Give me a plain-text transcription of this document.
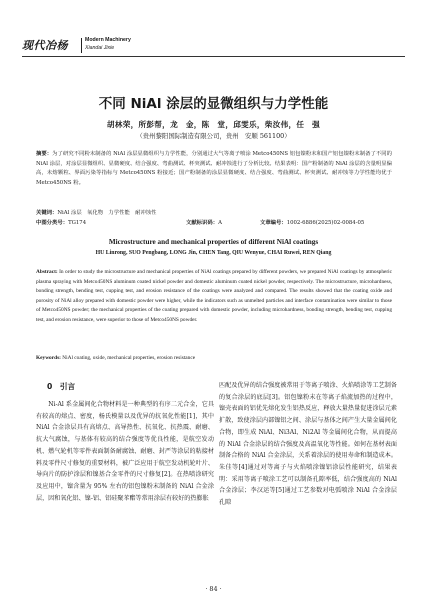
现代冶杨	Modern Machinery
Xiandai Jixie
不同 NiAl 涂层的显微组织与力学性能
胡林荣，所彭帮，龙　金，陈　堂，邱雯乐，柴汝伟，任　强
（贵州黎阳国际制造有限公司，贵州　安顺 561100）
摘要：为了研究不同粉末制备的 NiAl 涂层显微组织与力学性能，分别通过大气等离子喷涂 Metco450NS 铝包镍粉末和国产铝包镍粉末制备了不同的 NiAl 涂层，对涂层显微组织、显微硬度、结合强度、弯曲测试、杯突测试、耐冲蚀进行了分析比较。结果表明：国产粉制备的 NiAl 涂层的含量明显偏高，未熔颗粒、界面污染等指标与 Metco450NS 粉接近；国产粉制备的涂层显微硬度、结合强度、弯曲测试、杯突测试、耐冲蚀等力学性能均优于 Metco450NS 粉。
关键词：NiAl 涂层　氧化物　力学性能　耐冲蚀性
中图分类号：TG174	文献标识码：A	文章编号：1002-6886(2025)02-0084-05
Microstructure and mechanical properties of different NiAl coatings
HU Linrong, SUO Pengbang, LONG Jin, CHEN Tang, QIU Wenyue, CHAI Ruwei, REN Qiang
Abstract: In order to study the microstructure and mechanical properties of NiAl coatings prepared by different powders, we prepared NiAl coatings by atmospheric plasma spraying with Metco450NS aluminum coated nickel powder and domestic aluminum coated nickel powder, respectively. The microstructure, microhardness, bonding strength, bending test, cupping test, and erosion resistance of the coatings were analyzed and compared. The results showed that the coating oxide and porosity of NiAl alloy prepared with domestic powder were higher, while the indicators such as unmelted particles and interface contamination were similar to those of Metco450NS powder; the mechanical properties of the coating prepared with domestic powder, including microhardness, bonding strength, bending test, cupping test, and erosion resistance, were superior to those of Metco450NS powder.
Keywords: NiAl coating, oxide, mechanical properties, erosion resistance
0　引言

Ni-Al 系金属间化合物材料是一种典型的有序二元合金，它具有较高的熔点、密度，杨氏模量以及优异的抗氧化性能[1]，其中 NiAl 合金涂层具有高熔点、高导热性、抗氧化、抗热震、耐磨、抗大气腐蚀，与基体有较高的结合强度等优良性能，是航空发动机、燃气轮机等零件表面制备耐腐蚀、耐磨、封严等涂层的粘接材料及零件尺寸修复的重要材料，被广泛应用于航空发动机轮叶片、导向片的防护涂层和镍基合金零件的尺寸修复[2]。在热喷涂研究及应用中，镍含量为 95% 左右的铝包镍粉末制备的 NiAl 合金涂层，因和氧化铝、镍-铝、铝硅聚苯酯等常用涂层有较好的热膨胀

匹配及优异的结合强度被常用于等离子喷涂、火焰喷涂等工艺制备的复合涂层的底层[3]。铝包镍粉末在等离子焰流加热的过程中，镍壳表面的铝优先熔化发生铝热反应，释放大量热量促进涂层元素扩散，致使涂层内部镍铝之间、涂层与基体之间产生大量金属间化合物，即生成 NiAl、Ni3Al、Ni2Al 等金属间化合物，从而提高的 NiAl 合金涂层的结合强度及高温氧化等性能。如何在基材表面制备合格的 NiAl 合金涂层，关系着涂层的使用寿命和制造成本。朱佳等[4]通过对等离子与火焰喷涂镍铝涂层性能研究，结果表明：采用等离子喷涂工艺可以制备孔隙率低，结合强度高的 NiAl 合金涂层；李汉运等[5]通过工艺参数对电弧喷涂 NiAl 合金涂层孔隙

· 84 ·
